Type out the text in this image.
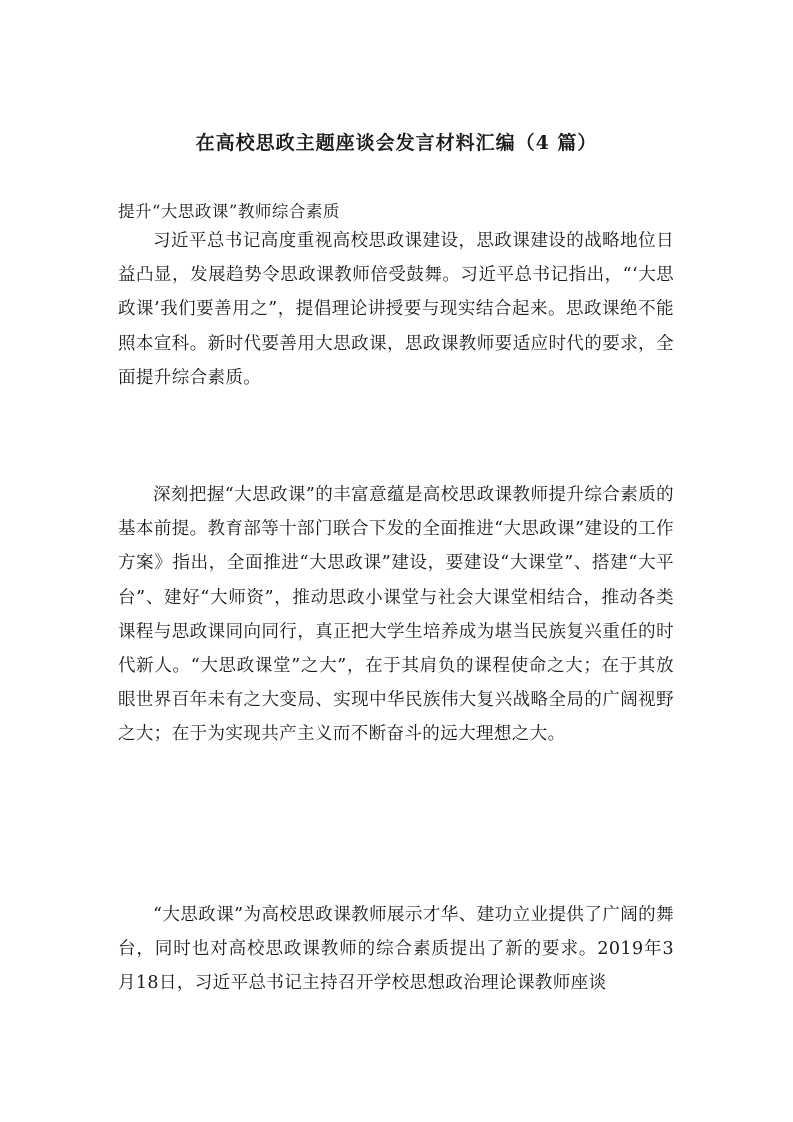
在高校思政主题座谈会发言材料汇编（4 篇）
提升“大思政课”教师综合素质

习近平总书记高度重视高校思政课建设，思政课建设的战略地位日益凸显，发展趋势令思政课教师倍受鼓舞。习近平总书记指出，“‘大思政课’我们要善用之”，提倡理论讲授要与现实结合起来。思政课绝不能照本宣科。新时代要善用大思政课，思政课教师要适应时代的要求，全面提升综合素质。

深刻把握“大思政课”的丰富意蕴是高校思政课教师提升综合素质的基本前提。教育部等十部门联合下发的全面推进“大思政课”建设的工作方案》指出，全面推进“大思政课”建设，要建设“大课堂”、搭建“大平台”、建好“大师资”，推动思政小课堂与社会大课堂相结合，推动各类课程与思政课同向同行，真正把大学生培养成为堪当民族复兴重任的时代新人。“大思政课堂”之大”，在于其肩负的课程使命之大；在于其放眼世界百年未有之大变局、实现中华民族伟大复兴战略全局的广阔视野之大；在于为实现共产主义而不断奋斗的远大理想之大。

“大思政课”为高校思政课教师展示才华、建功立业提供了广阔的舞台，同时也对高校思政课教师的综合素质提出了新的要求。2019年3月18日，习近平总书记主持召开学校思想政治理论课教师座谈
